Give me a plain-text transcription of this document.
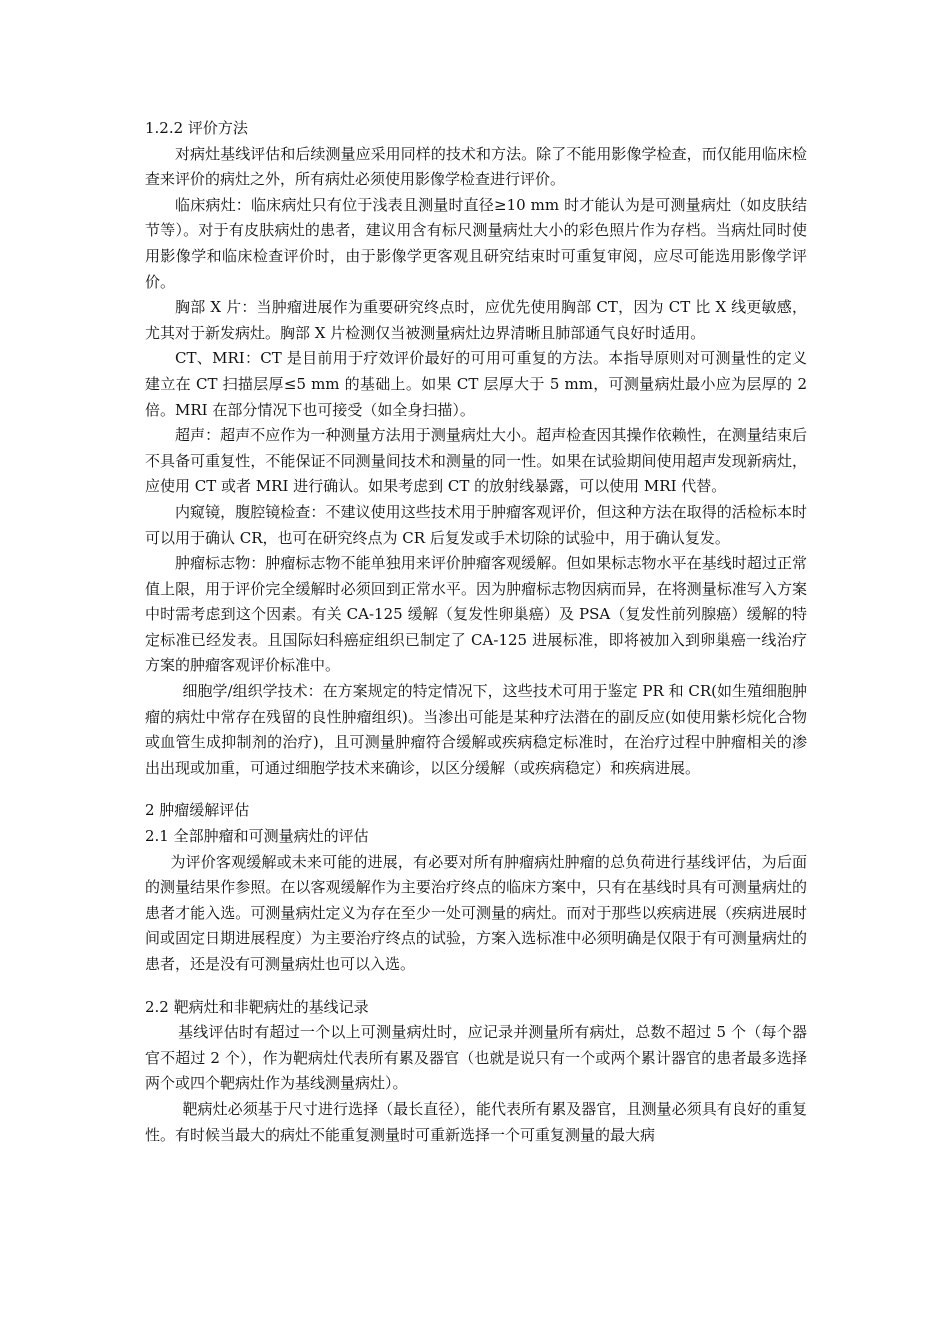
1.2.2 评价方法

对病灶基线评估和后续测量应采用同样的技术和方法。除了不能用影像学检查，而仅能用临床检查来评价的病灶之外，所有病灶必须使用影像学检查进行评价。

临床病灶：临床病灶只有位于浅表且测量时直径≥10 mm 时才能认为是可测量病灶（如皮肤结节等）。对于有皮肤病灶的患者，建议用含有标尺测量病灶大小的彩色照片作为存档。当病灶同时使用影像学和临床检查评价时，由于影像学更客观且研究结束时可重复审阅，应尽可能选用影像学评价。

胸部 X 片：当肿瘤进展作为重要研究终点时，应优先使用胸部 CT，因为 CT 比 X 线更敏感，尤其对于新发病灶。胸部 X 片检测仅当被测量病灶边界清晰且肺部通气良好时适用。

CT、MRI：CT 是目前用于疗效评价最好的可用可重复的方法。本指导原则对可测量性的定义建立在 CT 扫描层厚≤5 mm 的基础上。如果 CT 层厚大于 5 mm，可测量病灶最小应为层厚的 2 倍。MRI 在部分情况下也可接受（如全身扫描）。

超声：超声不应作为一种测量方法用于测量病灶大小。超声检查因其操作依赖性，在测量结束后不具备可重复性，不能保证不同测量间技术和测量的同一性。如果在试验期间使用超声发现新病灶，应使用 CT 或者 MRI 进行确认。如果考虑到 CT 的放射线暴露，可以使用 MRI 代替。

内窥镜，腹腔镜检查：不建议使用这些技术用于肿瘤客观评价，但这种方法在取得的活检标本时可以用于确认 CR，也可在研究终点为 CR 后复发或手术切除的试验中，用于确认复发。

肿瘤标志物：肿瘤标志物不能单独用来评价肿瘤客观缓解。但如果标志物水平在基线时超过正常值上限，用于评价完全缓解时必须回到正常水平。因为肿瘤标志物因病而异，在将测量标准写入方案中时需考虑到这个因素。有关 CA-125 缓解（复发性卵巢癌）及 PSA（复发性前列腺癌）缓解的特定标准已经发表。且国际妇科癌症组织已制定了 CA-125 进展标准，即将被加入到卵巢癌一线治疗方案的肿瘤客观评价标准中。

细胞学/组织学技术：在方案规定的特定情况下，这些技术可用于鉴定 PR 和 CR(如生殖细胞肿瘤的病灶中常存在残留的良性肿瘤组织)。当渗出可能是某种疗法潜在的副反应(如使用紫杉烷化合物或血管生成抑制剂的治疗)，且可测量肿瘤符合缓解或疾病稳定标准时，在治疗过程中肿瘤相关的渗出出现或加重，可通过细胞学技术来确诊，以区分缓解（或疾病稳定）和疾病进展。

2 肿瘤缓解评估
2.1 全部肿瘤和可测量病灶的评估

为评价客观缓解或未来可能的进展，有必要对所有肿瘤病灶肿瘤的总负荷进行基线评估，为后面的测量结果作参照。在以客观缓解作为主要治疗终点的临床方案中，只有在基线时具有可测量病灶的患者才能入选。可测量病灶定义为存在至少一处可测量的病灶。而对于那些以疾病进展（疾病进展时间或固定日期进展程度）为主要治疗终点的试验，方案入选标准中必须明确是仅限于有可测量病灶的患者，还是没有可测量病灶也可以入选。

2.2 靶病灶和非靶病灶的基线记录

基线评估时有超过一个以上可测量病灶时，应记录并测量所有病灶，总数不超过 5 个（每个器官不超过 2 个），作为靶病灶代表所有累及器官（也就是说只有一个或两个累计器官的患者最多选择两个或四个靶病灶作为基线测量病灶）。

靶病灶必须基于尺寸进行选择（最长直径），能代表所有累及器官，且测量必须具有良好的重复性。有时候当最大的病灶不能重复测量时可重新选择一个可重复测量的最大病
